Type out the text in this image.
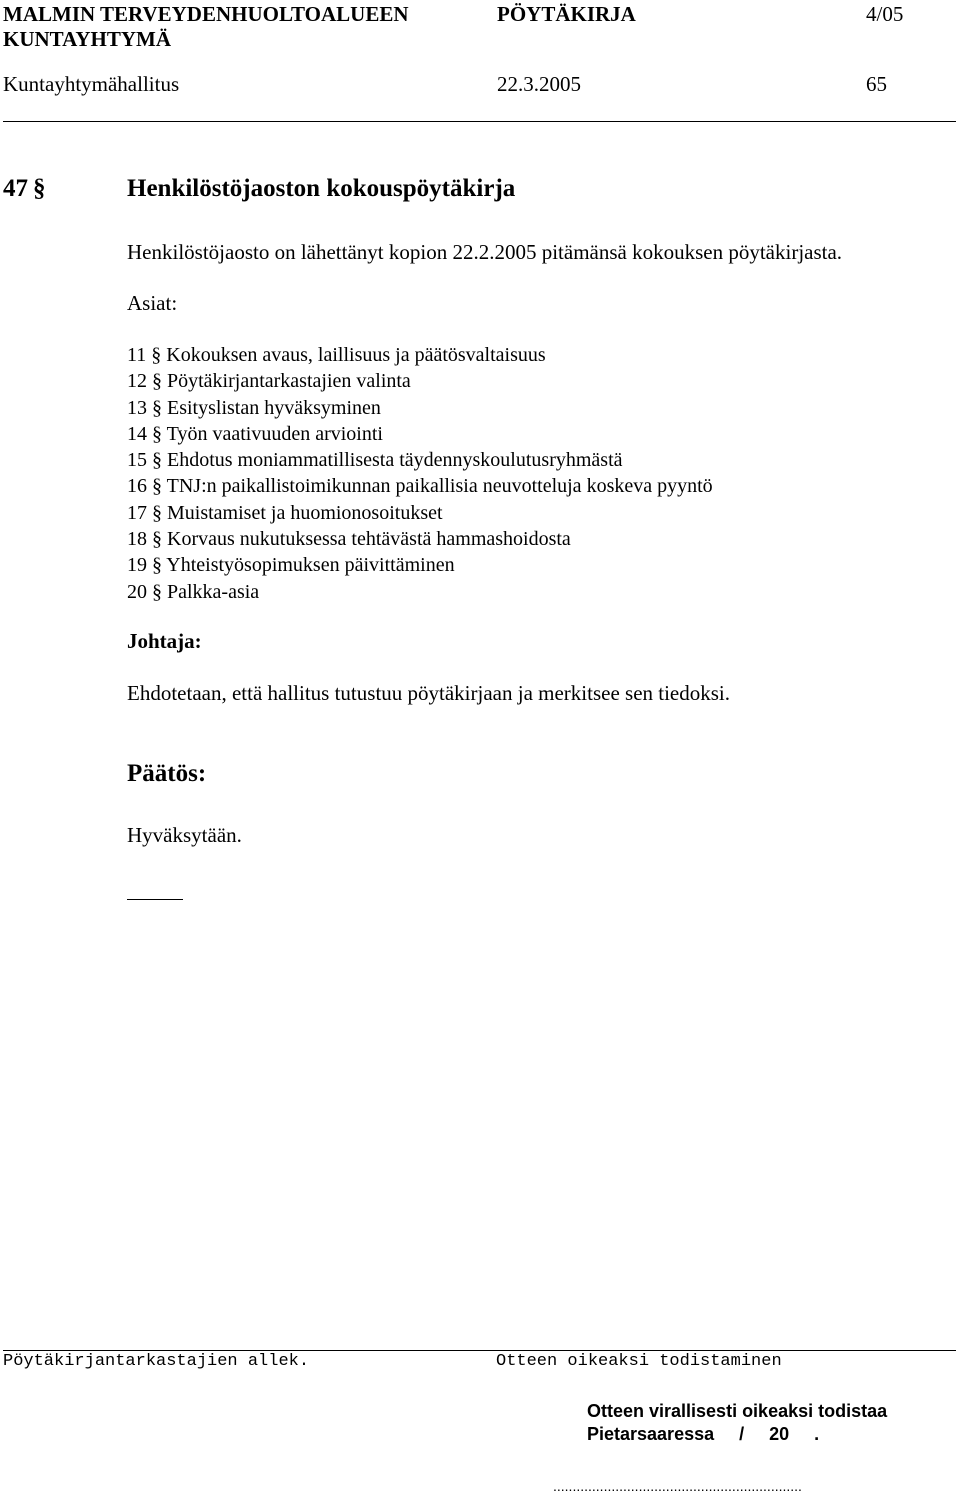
MALMIN TERVEYDENHUOLTOALUEEN
KUNTAYHTYMÄ
PÖYTÄKIRJA	4/05
Kuntayhtymähallitus	22.3.2005	65
47 §	Henkilöstöjaoston kokouspöytäkirja
Henkilöstöjaosto on lähettänyt kopion 22.2.2005 pitämänsä kokouksen pöytäkirjasta.
Asiat:
11 § Kokouksen avaus, laillisuus ja päätösvaltaisuus
12 § Pöytäkirjantarkastajien valinta
13 § Esityslistan hyväksyminen
14 § Työn vaativuuden arviointi
15 § Ehdotus moniammatillisesta täydennyskoulutusryhmästä
16 § TNJ:n paikallistoimikunnan paikallisia neuvotteluja koskeva pyyntö
17 § Muistamiset ja huomionosoitukset
18 § Korvaus nukutuksessa tehtävästä hammashoidosta
19 § Yhteistyösopimuksen päivittäminen
20 § Palkka-asia
Johtaja:
Ehdotetaan, että hallitus tutustuu pöytäkirjaan ja merkitsee sen tiedoksi.
Päätös:
Hyväksytään.
Pöytäkirjantarkastajien allek.	Otteen oikeaksi todistaminen
Otteen virallisesti oikeaksi todistaa
Pietarsaaressa     /     20     .
................................................................
